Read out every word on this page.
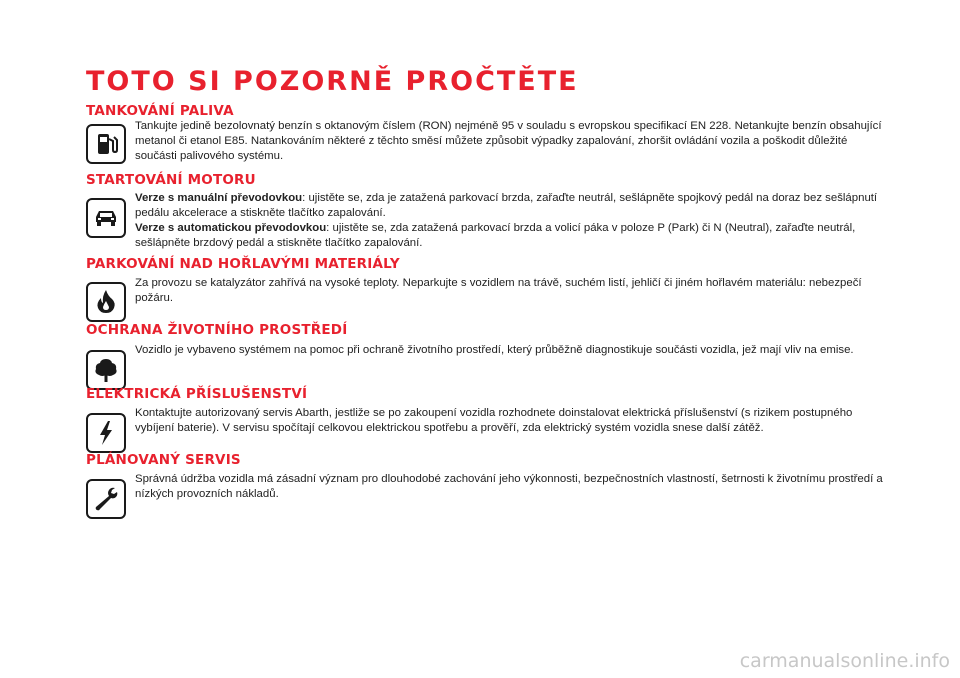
TOTO SI POZORNĚ PROČTĚTE
TANKOVÁNÍ PALIVA

Tankujte jedině bezolovnatý benzín s oktanovým číslem (RON) nejméně 95 v souladu s evropskou specifikací EN 228. Netankujte benzín obsahující metanol či etanol E85. Natankováním některé z těchto směsí můžete způsobit výpadky zapalování, zhoršit ovládání vozila a poškodit důležité součásti palivového systému.

STARTOVÁNÍ MOTORU

Verze s manuální převodovkou: ujistěte se, zda je zatažená parkovací brzda, zařaďte neutrál, sešlápněte spojkový pedál na doraz bez sešlápnutí pedálu akcelerace a stiskněte tlačítko zapalování.

Verze s automatickou převodovkou: ujistěte se, zda zatažená parkovací brzda a volicí páka v poloze P (Park) či N (Neutral), zařaďte neutrál, sešlápněte brzdový pedál a stiskněte tlačítko zapalování.

PARKOVÁNÍ NAD HOŘLAVÝMI MATERIÁLY

Za provozu se katalyzátor zahřívá na vysoké teploty. Neparkujte s vozidlem na trávě, suchém listí, jehličí či jiném hořlavém materiálu: nebezpečí požáru.

OCHRANA ŽIVOTNÍHO PROSTŘEDÍ

Vozidlo je vybaveno systémem na pomoc při ochraně životního prostředí, který průběžně diagnostikuje součásti vozidla, jež mají vliv na emise.

ELEKTRICKÁ PŘÍSLUŠENSTVÍ

Kontaktujte autorizovaný servis Abarth, jestliže se po zakoupení vozidla rozhodnete doinstalovat elektrická příslušenství (s rizikem postupného vybíjení baterie). V servisu spočítají celkovou elektrickou spotřebu a prověří, zda elektrický systém vozidla snese další zátěž.

PLÁNOVANÝ SERVIS

Správná údržba vozidla má zásadní význam pro dlouhodobé zachování jeho výkonnosti, bezpečnostních vlastností, šetrnosti k životnímu prostředí a nízkých provozních nákladů.

carmanualsonline.info
